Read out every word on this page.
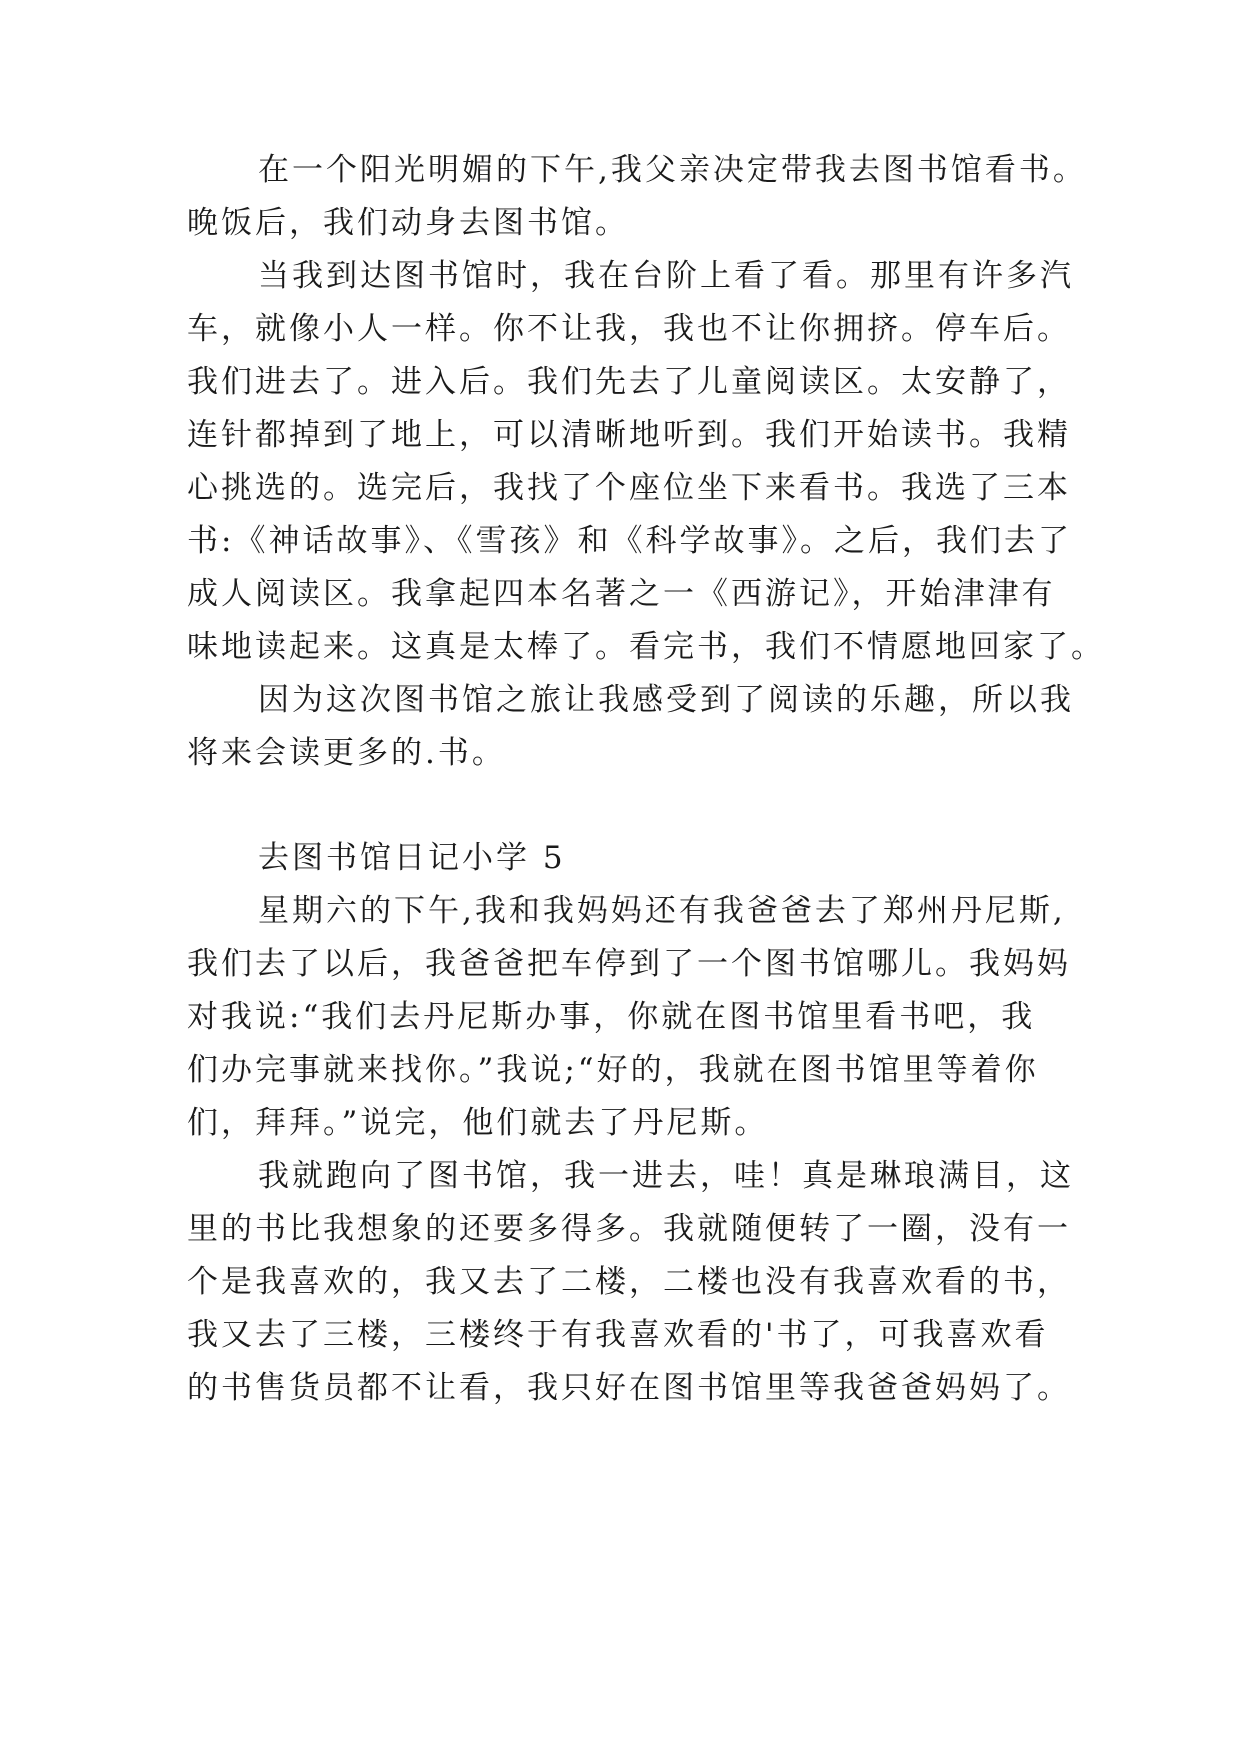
在一个阳光明媚的下午,我父亲决定带我去图书馆看书。
晚饭后，我们动身去图书馆。
当我到达图书馆时，我在台阶上看了看。那里有许多汽
车，就像小人一样。你不让我，我也不让你拥挤。停车后。
我们进去了。进入后。我们先去了儿童阅读区。太安静了，
连针都掉到了地上，可以清晰地听到。我们开始读书。我精
心挑选的。选完后，我找了个座位坐下来看书。我选了三本
书:《神话故事》、《雪孩》和《科学故事》。之后，我们去了
成人阅读区。我拿起四本名著之一《西游记》，开始津津有
味地读起来。这真是太棒了。看完书，我们不情愿地回家了。
因为这次图书馆之旅让我感受到了阅读的乐趣，所以我
将来会读更多的.书。
去图书馆日记小学 5
星期六的下午,我和我妈妈还有我爸爸去了郑州丹尼斯,
我们去了以后，我爸爸把车停到了一个图书馆哪儿。我妈妈
对我说:“我们去丹尼斯办事，你就在图书馆里看书吧，我
们办完事就来找你。”我说;“好的，我就在图书馆里等着你
们，拜拜。”说完，他们就去了丹尼斯。
我就跑向了图书馆，我一进去，哇！真是琳琅满目，这
里的书比我想象的还要多得多。我就随便转了一圈，没有一
个是我喜欢的，我又去了二楼，二楼也没有我喜欢看的书，
我又去了三楼，三楼终于有我喜欢看的'书了，可我喜欢看
的书售货员都不让看，我只好在图书馆里等我爸爸妈妈了。
